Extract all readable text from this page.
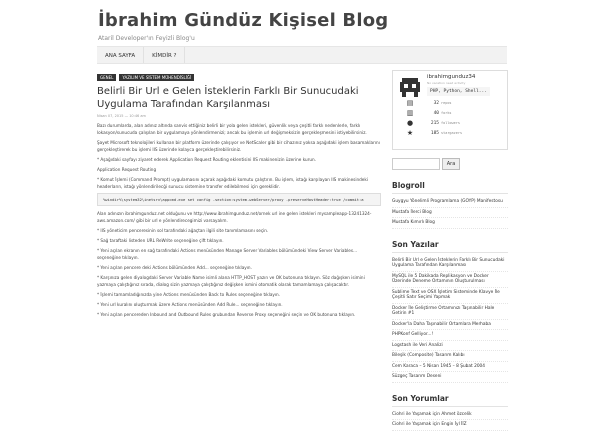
İbrahim Gündüz Kişisel Blog
Ataril Developer'ın Feyizli Blog'u
ANA SAYFA	KİMDİR ?
GENEL	YAZILIM VE SİSTEM MÜHENDİSLİĞİ
Belirli Bir Url e Gelen İsteklerin Farklı Bir Sunucudaki Uygulama Tarafından Karşılanması
Nisan 07, 2015 — 10:46 am
Bazı durumlarda, alan adınız altında sanvis ettiğiniz belirli bir yola gelen istekleri, güvenlik veya çeşitli farklı nedenlerle, farklı lokasyon/sunucuda çalışılan bir uygulamaya yönlendirmenizi; ancak bu işlemin url değişmeksizin gerçekleşmesini istiyebilirsiniz.
Şayet Microsoft teknolojileri kullanan bir platform üzerinde çalışıyor ve NetScaler gibi bir cihazınız yoksa aşağıdaki işlem basamaklarını gerçekleştirerek bu işlemi IIS üzerinde kolayca gerçekleştirebilirsiniz.
* Aşağıdaki sayfayı ziyaret ederek Application Request Routing eklentisini IIS makinenizin üzerine kurun.
Application Request Routing
* Komut İşlemi (Command Prompt) uygulamasını açarak aşağıdaki komutu çalıştırın. Bu işlem, istağı karşılayan IIS makinesindeki headerların, istağı yönlendirilecği sunucu sistemine transfer edilebilmesi için gereklidir.
%windir%\system32\inetsrv\appcmd.exe set config -section:system.webServer/proxy -preserveHostHeader:true /commit:a
Alan adınızın ibrahimgunduz.net olduğunu ve http://www.ibrahimgunduz.net/ornek url ine gelen istekleri mysampleapp-13241324-aws.amazon.com/ gibi bir url e yönlendirecegimizi varsayalım.
* IIS yöneticim penceresinin sol tarafındaki ağaçtan ilgili site tanımlamasını seçin.
* Sağ taraftaki listeden URL ReWrite seçeneğine çift tıklayın.
* Yeni açılan ekranın en sağ tarafındaki Actions menüsünden Manage Server Variables bölümündeki View Server Variables... seçeneğine tıklayın.
* Yeni açılan pencere deki Actions bölümünden Add... seçeneğine tıklayın.
* Karşınıza gelen diyalogdaki Server Variable Name isimli alana HTTP_HOST yazın ve OK butonuna tıklayın. Söz dağışken isimini yazmaya çalıştığınız sırada, dialog sizin yazmaya çalıştığınız değişken ismini otomatik olarak tamamlamaya çalışacaktır.
* İşlemi tamamladığınızda yine Actions menüsünden Back to Rules seçeneğine tıklayın.
* Yeni url kuralını oluşturmak üzere Actions menüsünden Add Rule... seçeneğine tıklayın.
* Yeni açılan pencereden Inbound and Outbound Rules grubundan Reverse Proxy seçeneğini seçin ve OK butonuna tıklayın.
ibrahimgunduz34
No vacation need activity
PHP, Python, Shell...
▤	32 repos
▥	40 forks
●	215 followers
★	185 stargazers
Ara
Blogroll
Guygyu Yönelimli Programlama (GOYP) Manifestosu
Mustafa İlerci Blog
Mustafa Kımırlı Blog
Son Yazılar
Belirli Bir Url e Gelen İsteklerin Farklı Bir Sunucudaki Uygulama Tarafından Karşılanması
MySQL ile 5 Dakikada Replikasyon ve Docker Üzerinde Deneme Ortamının Oluşturulması
Sublime Text ve OSX İşletim Sisteminde Klavye İle Çeşitli Satır Seçimi Yapmak
Docker İle Geliştirme Ortamınızı Taşınabilir Hale Getirin #1
Docker'la Daha Taşınabilir Ortamlara Merhaba
PHPKonf Gelliyor...!
Logstash ile Veri Analizi
Bileşik (Composite) Tasarım Kalıbı
Cem Karaca – 5 Nisan 1945 – 8 Şubat 2004
Süzgeç Tasarım Deseni
Son Yorumlar
Ciohri ile Yaşamak için Ahmet özcelik
Ciohri ile Yaşamak için Engin İyl İİZ
